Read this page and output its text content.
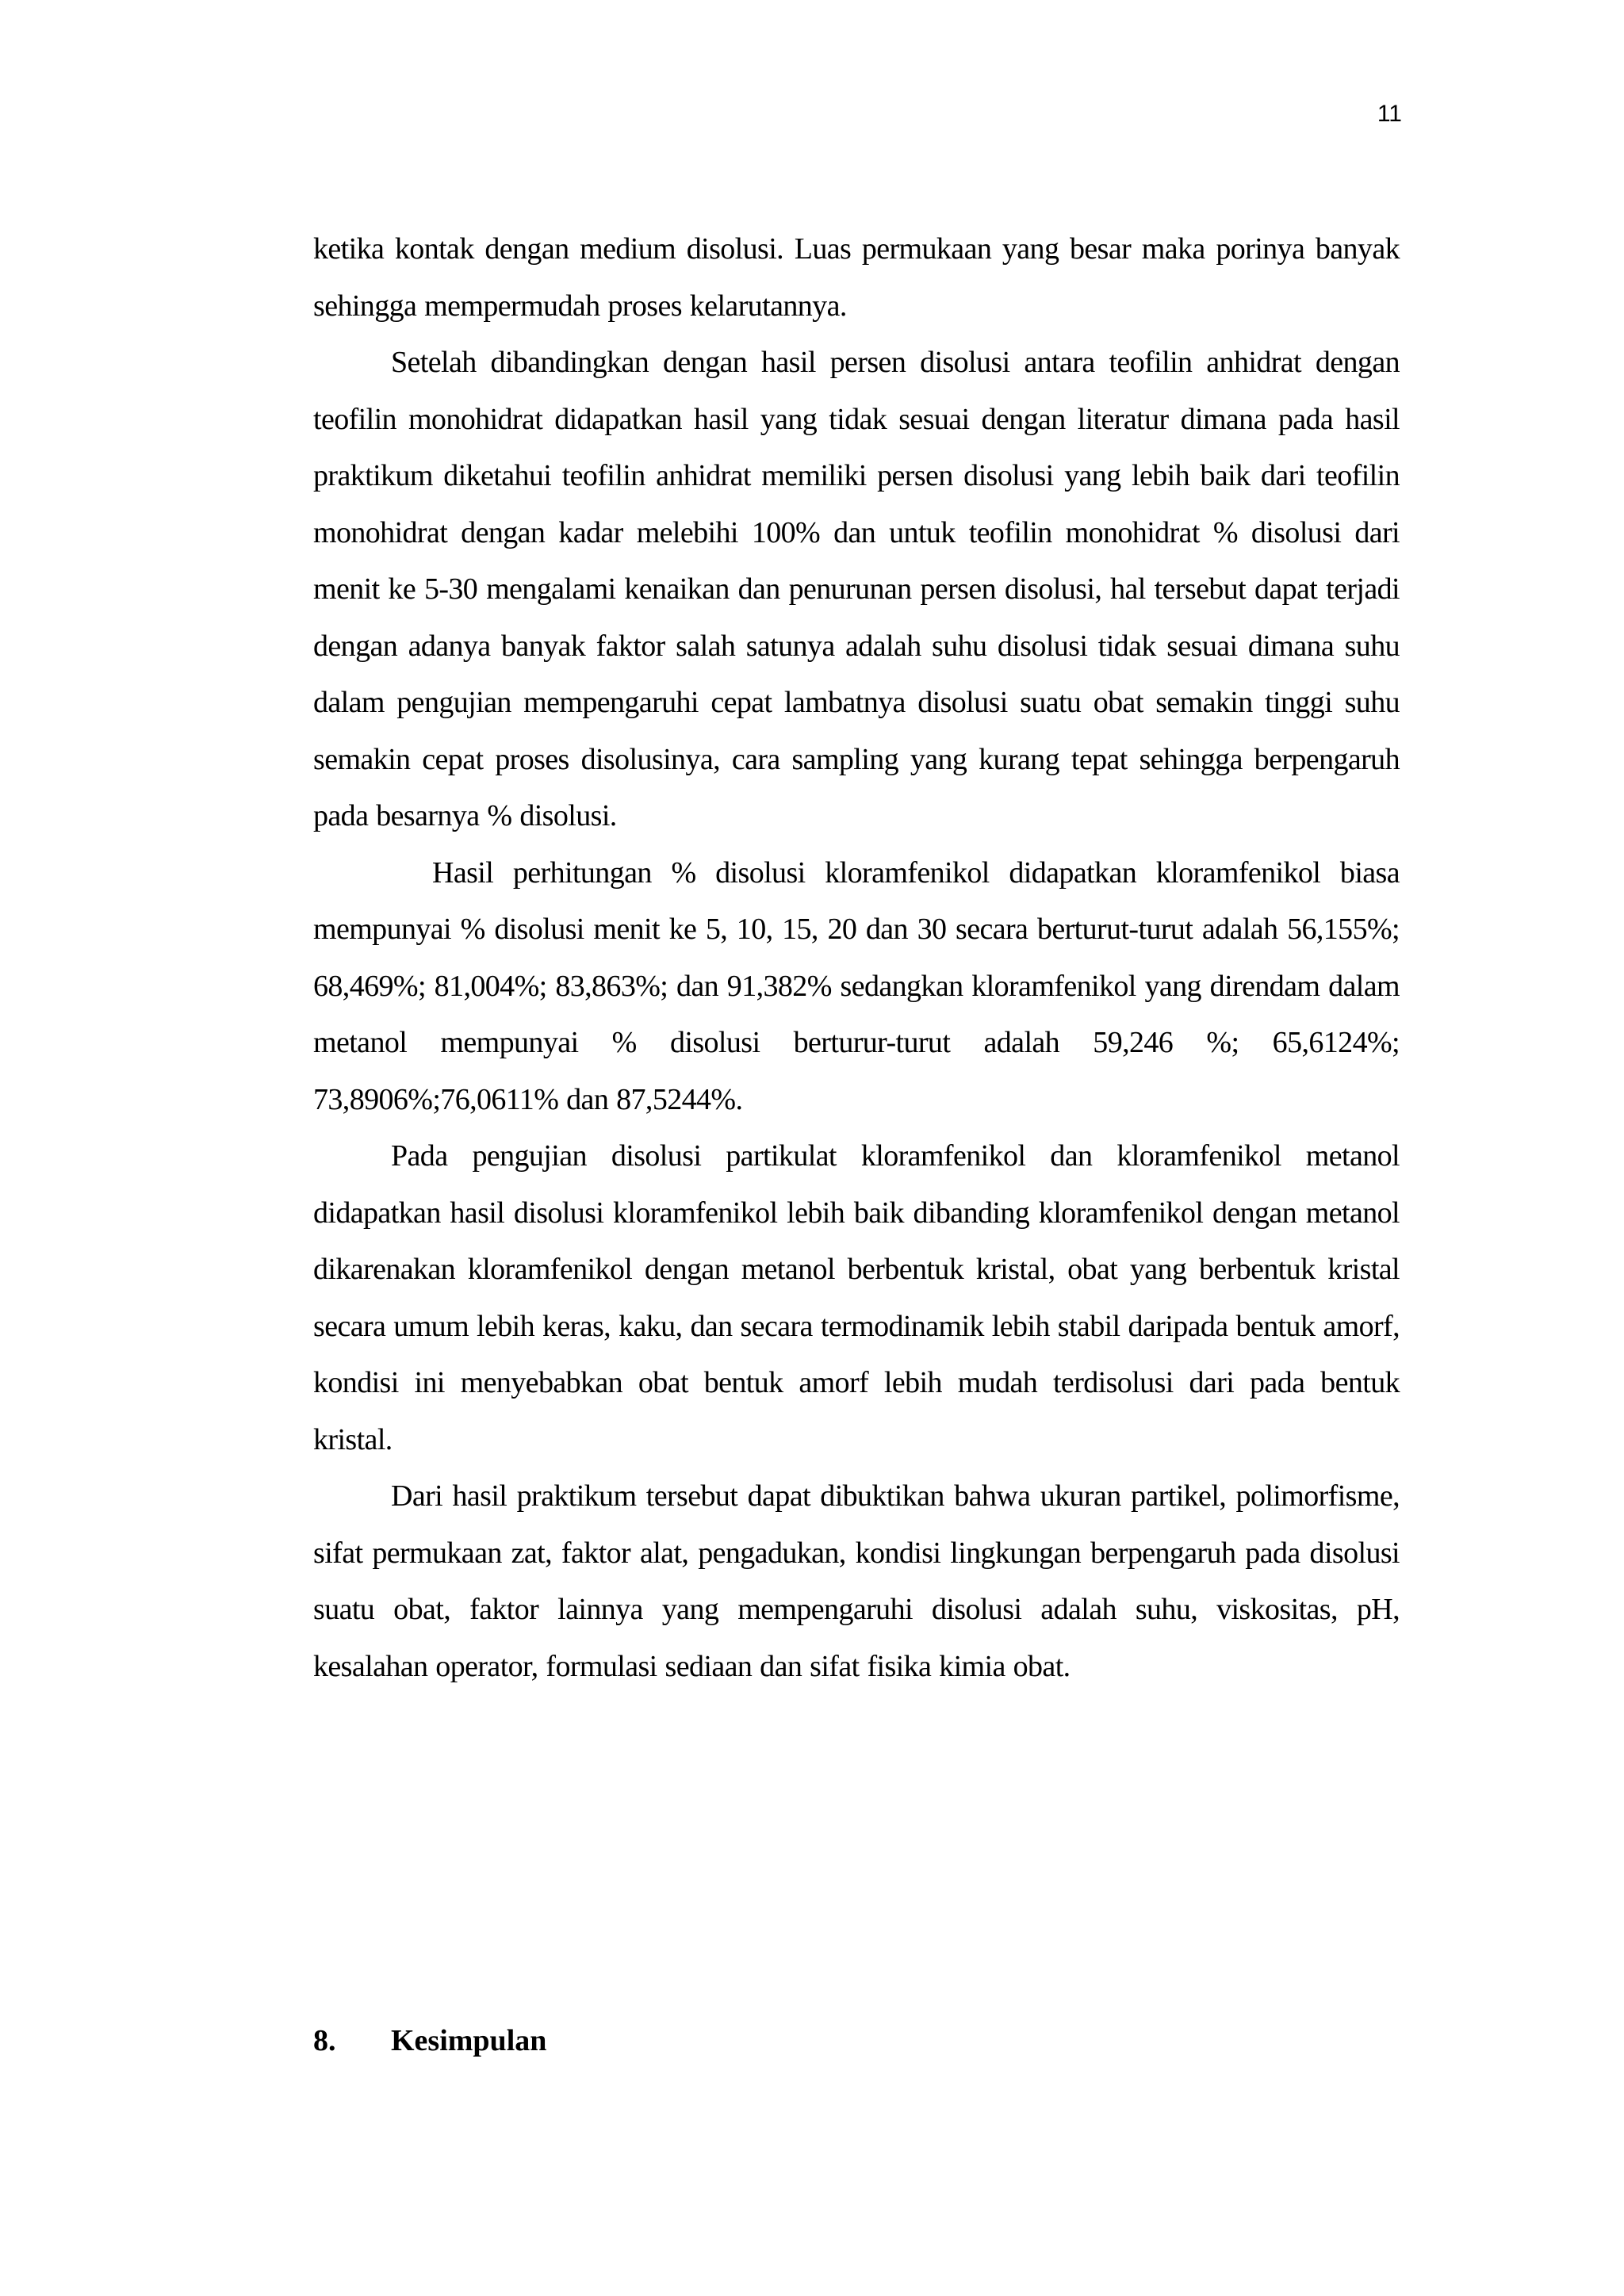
11

ketika kontak dengan medium disolusi. Luas permukaan yang besar maka porinya banyak sehingga mempermudah proses kelarutannya.

Setelah dibandingkan dengan hasil persen disolusi antara teofilin anhidrat dengan teofilin monohidrat didapatkan hasil yang tidak sesuai dengan literatur dimana pada hasil praktikum diketahui teofilin anhidrat memiliki persen disolusi yang lebih baik dari teofilin monohidrat dengan kadar melebihi 100% dan untuk teofilin monohidrat % disolusi dari menit ke 5-30 mengalami kenaikan dan penurunan persen disolusi, hal tersebut dapat terjadi dengan adanya banyak faktor salah satunya adalah suhu disolusi tidak sesuai dimana suhu dalam pengujian mempengaruhi cepat lambatnya disolusi suatu obat semakin tinggi suhu semakin cepat proses disolusinya, cara sampling yang kurang tepat sehingga berpengaruh pada besarnya % disolusi.

Hasil perhitungan % disolusi kloramfenikol didapatkan kloramfenikol biasa mempunyai % disolusi menit ke 5, 10, 15, 20 dan 30 secara berturut-turut adalah 56,155%; 68,469%; 81,004%; 83,863%; dan 91,382% sedangkan kloramfenikol yang direndam dalam metanol mempunyai % disolusi berturur-turut adalah 59,246 %; 65,6124%; 73,8906%;76,0611% dan 87,5244%.

Pada pengujian disolusi partikulat kloramfenikol dan kloramfenikol metanol didapatkan hasil disolusi kloramfenikol lebih baik dibanding kloramfenikol dengan metanol dikarenakan kloramfenikol dengan metanol berbentuk kristal, obat yang berbentuk kristal secara umum lebih keras, kaku, dan secara termodinamik lebih stabil daripada bentuk amorf, kondisi ini menyebabkan obat bentuk amorf lebih mudah terdisolusi dari pada bentuk kristal.

Dari hasil praktikum tersebut dapat dibuktikan bahwa ukuran partikel, polimorfisme, sifat permukaan zat, faktor alat, pengadukan, kondisi lingkungan berpengaruh pada disolusi suatu obat, faktor lainnya yang mempengaruhi disolusi adalah suhu, viskositas, pH, kesalahan operator, formulasi sediaan dan sifat fisika kimia obat.

8. Kesimpulan
